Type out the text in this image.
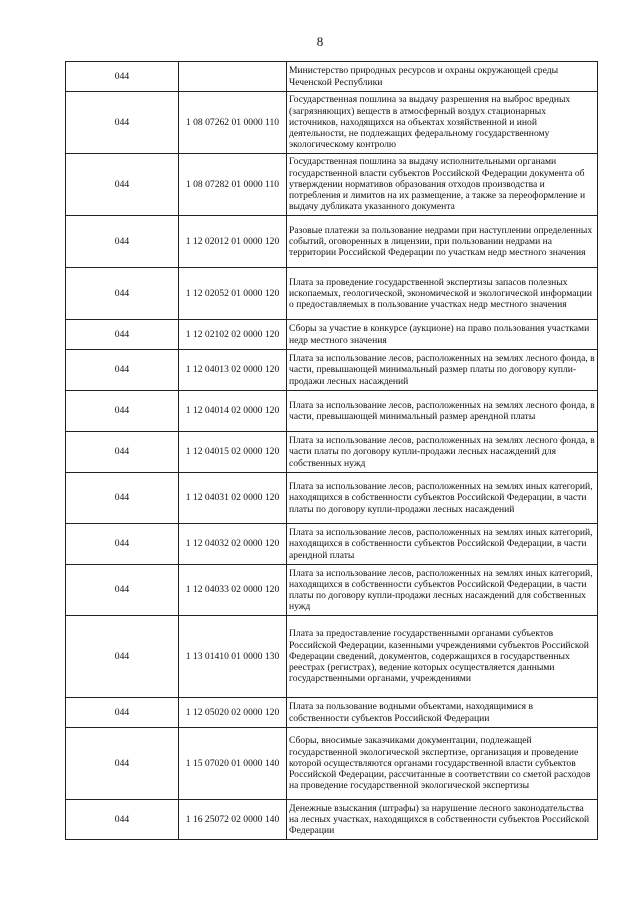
8
044		Министерство природных ресурсов и охраны окружающей среды Чеченской Республики
044	1 08 07262 01 0000 110	Государственная пошлина за выдачу разрешения на выброс вредных (загрязняющих) веществ в атмосферный воздух стационарных источников, находящихся на объектах хозяйственной и иной деятельности, не подлежащих федеральному государственному экологическому контролю
044	1 08 07282 01 0000 110	Государственная пошлина за выдачу исполнительными органами государственной власти субъектов Российской Федерации документа об утверждении нормативов образования отходов производства и потребления и лимитов на их размещение, а также за переоформление и выдачу дубликата указанного документа
044	1 12 02012 01 0000 120	Разовые платежи за пользование недрами при наступлении определенных событий, оговоренных в лицензии, при пользовании недрами на территории Российской Федерации по участкам недр местного значения
044	1 12 02052 01 0000 120	Плата за проведение государственной экспертизы запасов полезных ископаемых, геологической, экономической и экологической информации о предоставляемых в пользование участках недр местного значения
044	1 12 02102 02 0000 120	Сборы за участие в конкурсе (аукционе) на право пользования участками недр местного значения
044	1 12 04013 02 0000 120	Плата за использование лесов, расположенных на землях лесного фонда, в части, превышающей минимальный размер платы по договору купли-продажи лесных насаждений
044	1 12 04014 02 0000 120	Плата за использование лесов, расположенных на землях лесного фонда, в части, превышающей минимальный размер арендной платы
044	1 12 04015 02 0000 120	Плата за использование лесов, расположенных на землях лесного фонда, в части платы по договору купли-продажи лесных насаждений для собственных нужд
044	1 12 04031 02 0000 120	Плата за использование лесов, расположенных на землях иных категорий, находящихся в собственности субъектов Российской Федерации, в части платы по договору купли-продажи лесных насаждений
044	1 12 04032 02 0000 120	Плата за использование лесов, расположенных на землях иных категорий, находящихся в собственности субъектов Российской Федерации, в части арендной платы
044	1 12 04033 02 0000 120	Плата за использование лесов, расположенных на землях иных категорий, находящихся в собственности субъектов Российской Федерации, в части платы по договору купли-продажи лесных насаждений для собственных нужд
044	1 13 01410 01 0000 130	Плата за предоставление государственными органами субъектов Российской Федерации, казенными учреждениями субъектов Российской Федерации сведений, документов, содержащихся в государственных реестрах (регистрах), ведение которых осуществляется данными государственными органами, учреждениями
044	1 12 05020 02 0000 120	Плата за пользование водными объектами, находящимися в собственности субъектов Российской Федерации
044	1 15 07020 01 0000 140	Сборы, вносимые заказчиками документации, подлежащей государственной экологической экспертизе, организация и проведение которой осуществляются органами государственной власти субъектов Российской Федерации, рассчитанные в соответствии со сметой расходов на проведение государственной экологической экспертизы
044	1 16 25072 02 0000 140	Денежные взыскания (штрафы) за нарушение лесного законодательства на лесных участках, находящихся в собственности субъектов Российской Федерации
